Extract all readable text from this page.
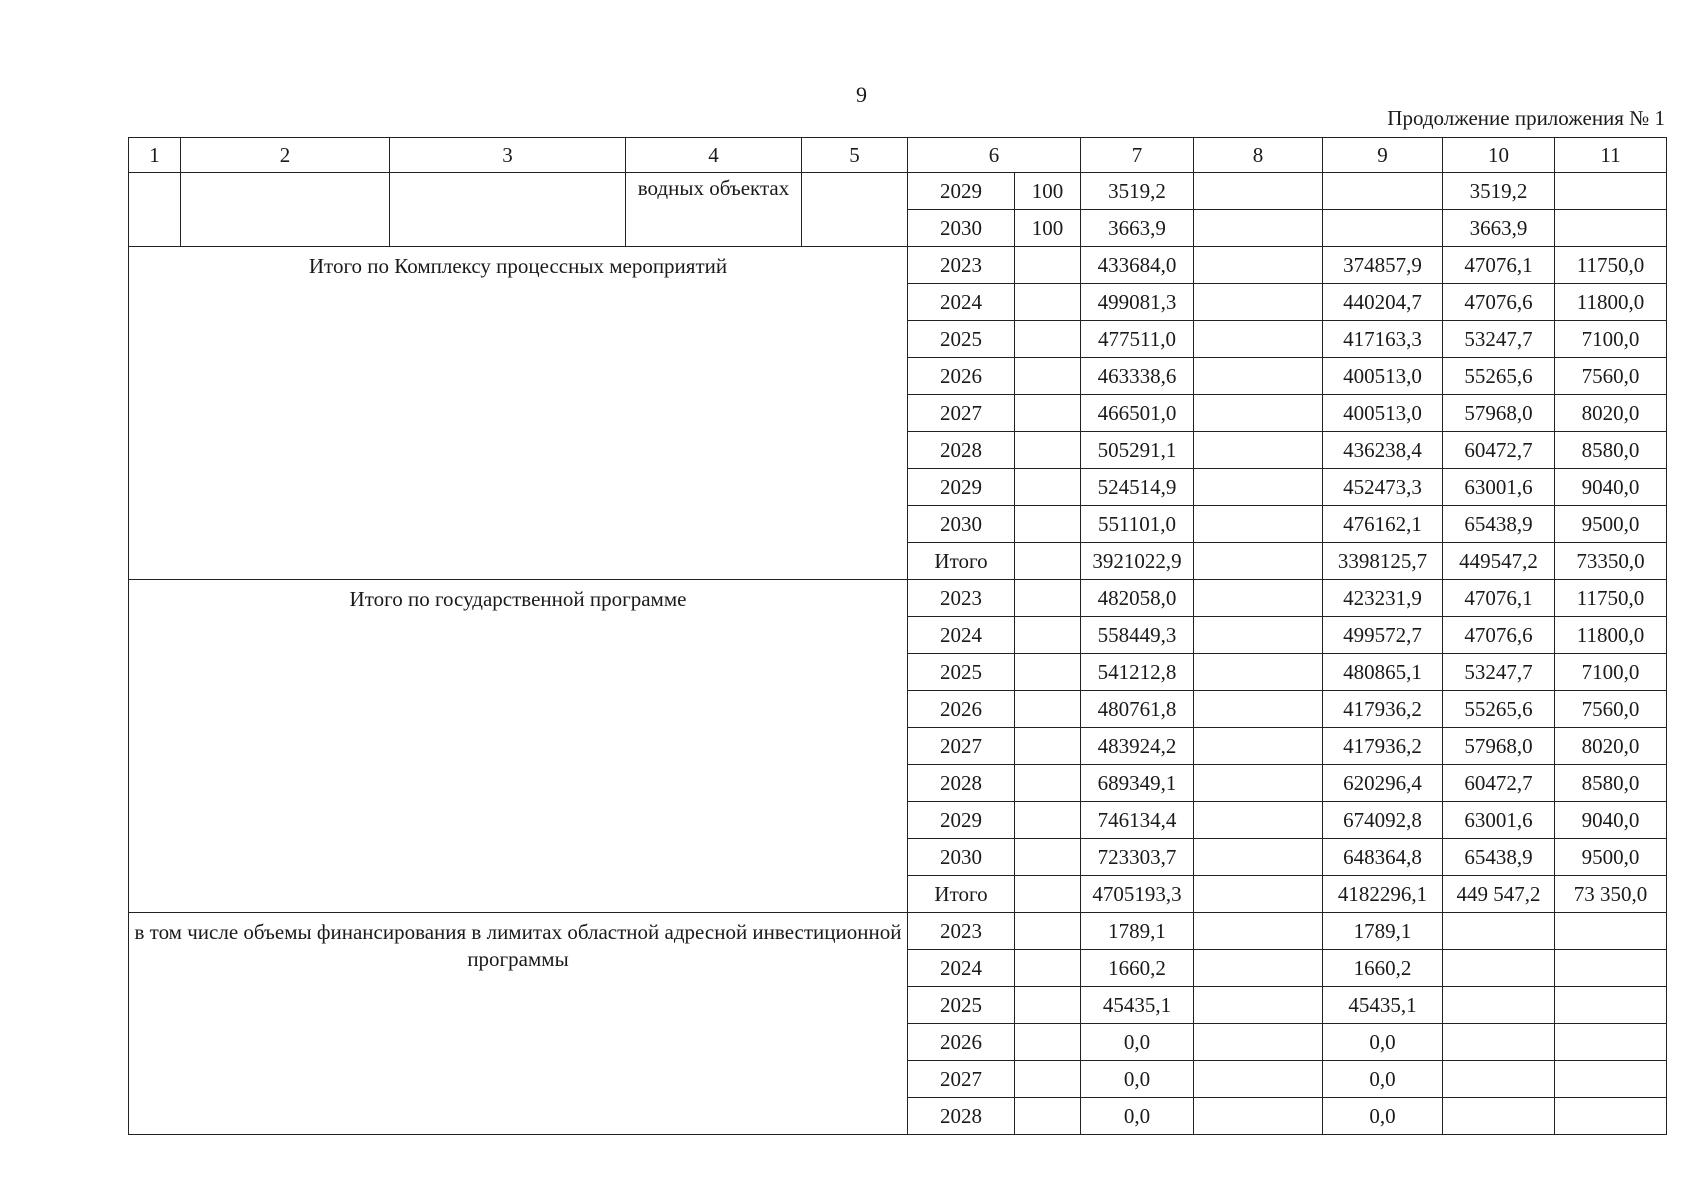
9
Продолжение приложения № 1
1	2	3	4	5	6		7	8	9	10	11
			водных объектах		2029	100	3519,2			3519,2	
					2030	100	3663,9			3663,9	
Итого по Комплексу процессных мероприятий					2023		433684,0		374857,9	47076,1	11750,0
					2024		499081,3		440204,7	47076,6	11800,0
					2025		477511,0		417163,3	53247,7	7100,0
					2026		463338,6		400513,0	55265,6	7560,0
					2027		466501,0		400513,0	57968,0	8020,0
					2028		505291,1		436238,4	60472,7	8580,0
					2029		524514,9		452473,3	63001,6	9040,0
					2030		551101,0		476162,1	65438,9	9500,0
					Итого		3921022,9		3398125,7	449547,2	73350,0
Итого по государственной программе					2023		482058,0		423231,9	47076,1	11750,0
					2024		558449,3		499572,7	47076,6	11800,0
					2025		541212,8		480865,1	53247,7	7100,0
					2026		480761,8		417936,2	55265,6	7560,0
					2027		483924,2		417936,2	57968,0	8020,0
					2028		689349,1		620296,4	60472,7	8580,0
					2029		746134,4		674092,8	63001,6	9040,0
					2030		723303,7		648364,8	65438,9	9500,0
					Итого		4705193,3		4182296,1	449 547,2	73 350,0
в том числе объемы финансирования в лимитах областной адресной инвестиционной программы					2023		1789,1		1789,1		
					2024		1660,2		1660,2		
					2025		45435,1		45435,1		
					2026		0,0		0,0		
					2027		0,0		0,0		
					2028		0,0		0,0		
